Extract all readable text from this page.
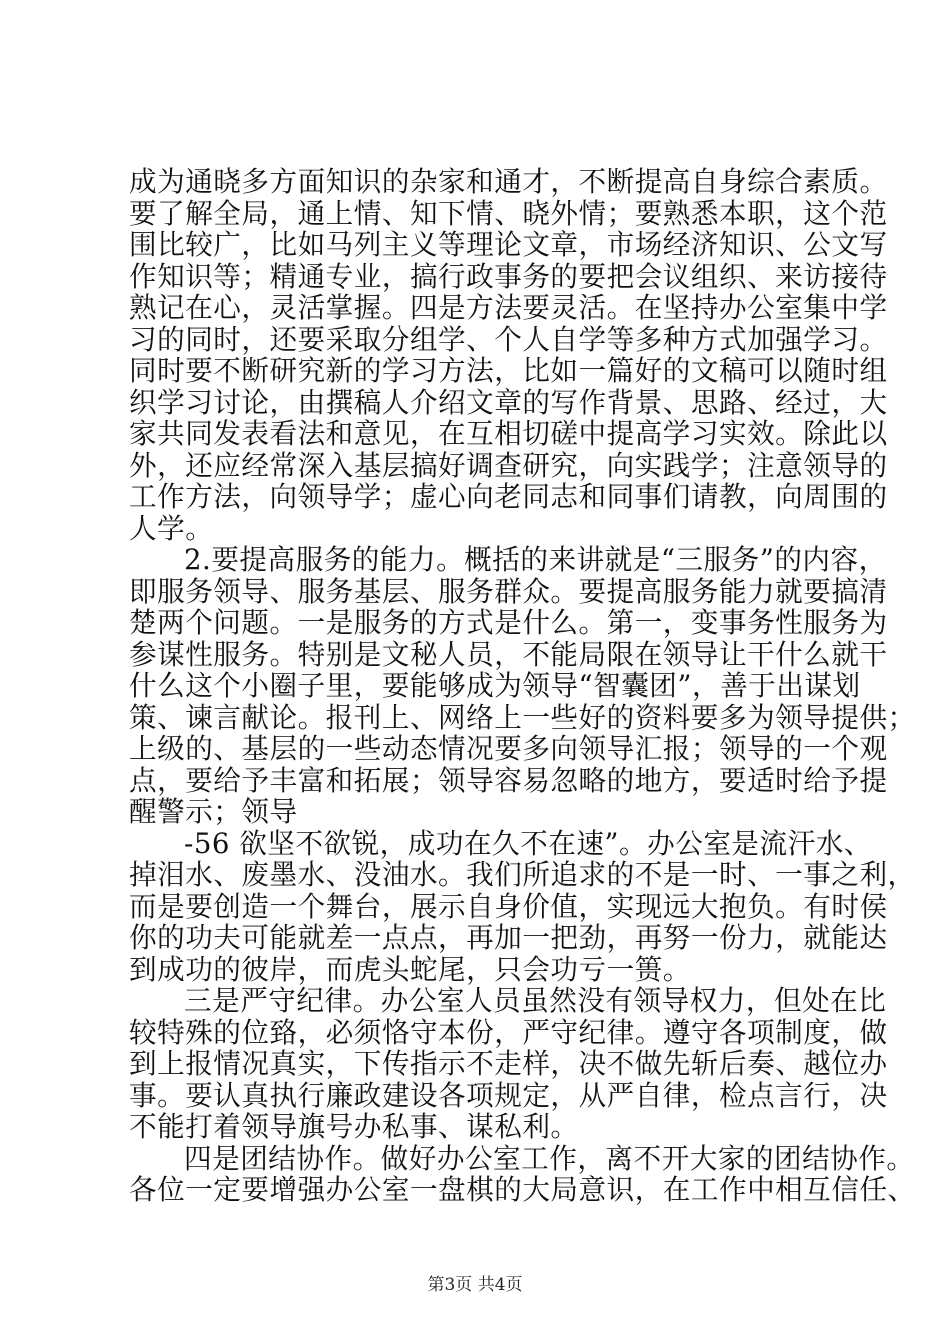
成为通晓多方面知识的杂家和通才，不断提高自身综合素质。
要了解全局，通上情、知下情、晓外情；要熟悉本职，这个范
围比较广，比如马列主义等理论文章，市场经济知识、公文写
作知识等；精通专业，搞行政事务的要把会议组织、来访接待
熟记在心，灵活掌握。四是方法要灵活。在坚持办公室集中学
习的同时，还要采取分组学、个人自学等多种方式加强学习。
同时要不断研究新的学习方法，比如一篇好的文稿可以随时组
织学习讨论，由撰稿人介绍文章的写作背景、思路、经过，大
家共同发表看法和意见，在互相切磋中提高学习实效。除此以
外，还应经常深入基层搞好调查研究，向实践学；注意领导的
工作方法，向领导学；虚心向老同志和同事们请教，向周围的
人学。
2.要提高服务的能力。概括的来讲就是“三服务”的内容，
即服务领导、服务基层、服务群众。要提高服务能力就要搞清
楚两个问题。一是服务的方式是什么。第一，变事务性服务为
参谋性服务。特别是文秘人员，不能局限在领导让干什么就干
什么这个小圈子里，要能够成为领导“智囊团”，善于出谋划
策、谏言献论。报刊上、网络上一些好的资料要多为领导提供；
上级的、基层的一些动态情况要多向领导汇报；领导的一个观
点，要给予丰富和拓展；领导容易忽略的地方，要适时给予提
醒警示；领导
-56 欲坚不欲锐，成功在久不在速”。办公室是流汗水、
掉泪水、废墨水、没油水。我们所追求的不是一时、一事之利，
而是要创造一个舞台，展示自身价值，实现远大抱负。有时侯
你的功夫可能就差一点点，再加一把劲，再努一份力，就能达
到成功的彼岸，而虎头蛇尾，只会功亏一篑。
三是严守纪律。办公室人员虽然没有领导权力，但处在比
较特殊的位臵，必须恪守本份，严守纪律。遵守各项制度，做
到上报情况真实，下传指示不走样，决不做先斩后奏、越位办
事。要认真执行廉政建设各项规定，从严自律，检点言行，决
不能打着领导旗号办私事、谋私利。
四是团结协作。做好办公室工作，离不开大家的团结协作。
各位一定要增强办公室一盘棋的大局意识，在工作中相互信任、
第3页 共4页
